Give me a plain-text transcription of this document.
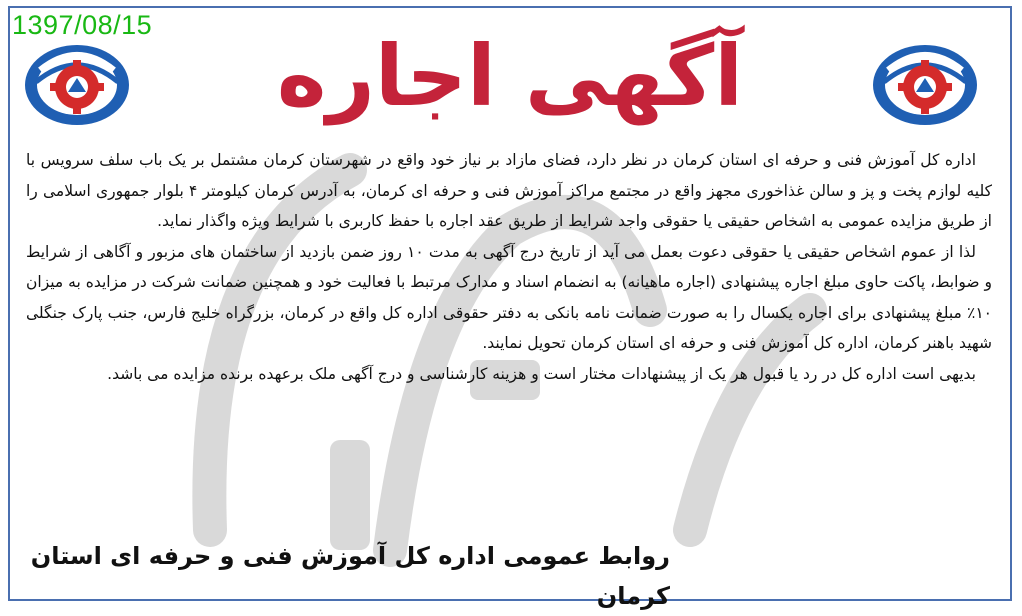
1397/08/15
آگهی اجاره

اداره کل آموزش فنی و حرفه ای استان کرمان در نظر دارد، فضای مازاد بر نیاز خود واقع در شهرستان کرمان مشتمل بر یک باب سلف سرویس با کلیه لوازم پخت و پز و سالن غذاخوری مجهز واقع در مجتمع مراکز آموزش فنی و حرفه ای کرمان، به آدرس کرمان کیلومتر ۴ بلوار جمهوری اسلامی را از طریق مزایده عمومی به اشخاص حقیقی یا حقوقی واجد شرایط از طریق عقد اجاره با حفظ کاربری با شرایط ویژه واگذار نماید.

لذا از عموم اشخاص حقیقی یا حقوقی دعوت بعمل می آید از تاریخ درج آگهی به مدت ۱۰ روز ضمن بازدید از ساختمان های مزبور و آگاهی از شرایط و ضوابط، پاکت حاوی مبلغ اجاره پیشنهادی (اجاره ماهیانه) به انضمام اسناد و مدارک مرتبط با فعالیت خود و همچنین ضمانت شرکت در مزایده به میزان ۱۰٪ مبلغ پیشنهادی برای اجاره یکسال را به صورت ضمانت نامه بانکی به دفتر حقوقی اداره کل واقع در کرمان، بزرگراه خلیج فارس، جنب پارک جنگلی شهید باهنر کرمان، اداره کل آموزش فنی و حرفه ای استان کرمان تحویل نمایند.

بدیهی است اداره کل در رد یا قبول هر یک از پیشنهادات مختار است و هزینه کارشناسی و درج آگهی ملک برعهده برنده مزایده می باشد.

روابط عمومی اداره کل آموزش فنی و حرفه ای استان کرمان
